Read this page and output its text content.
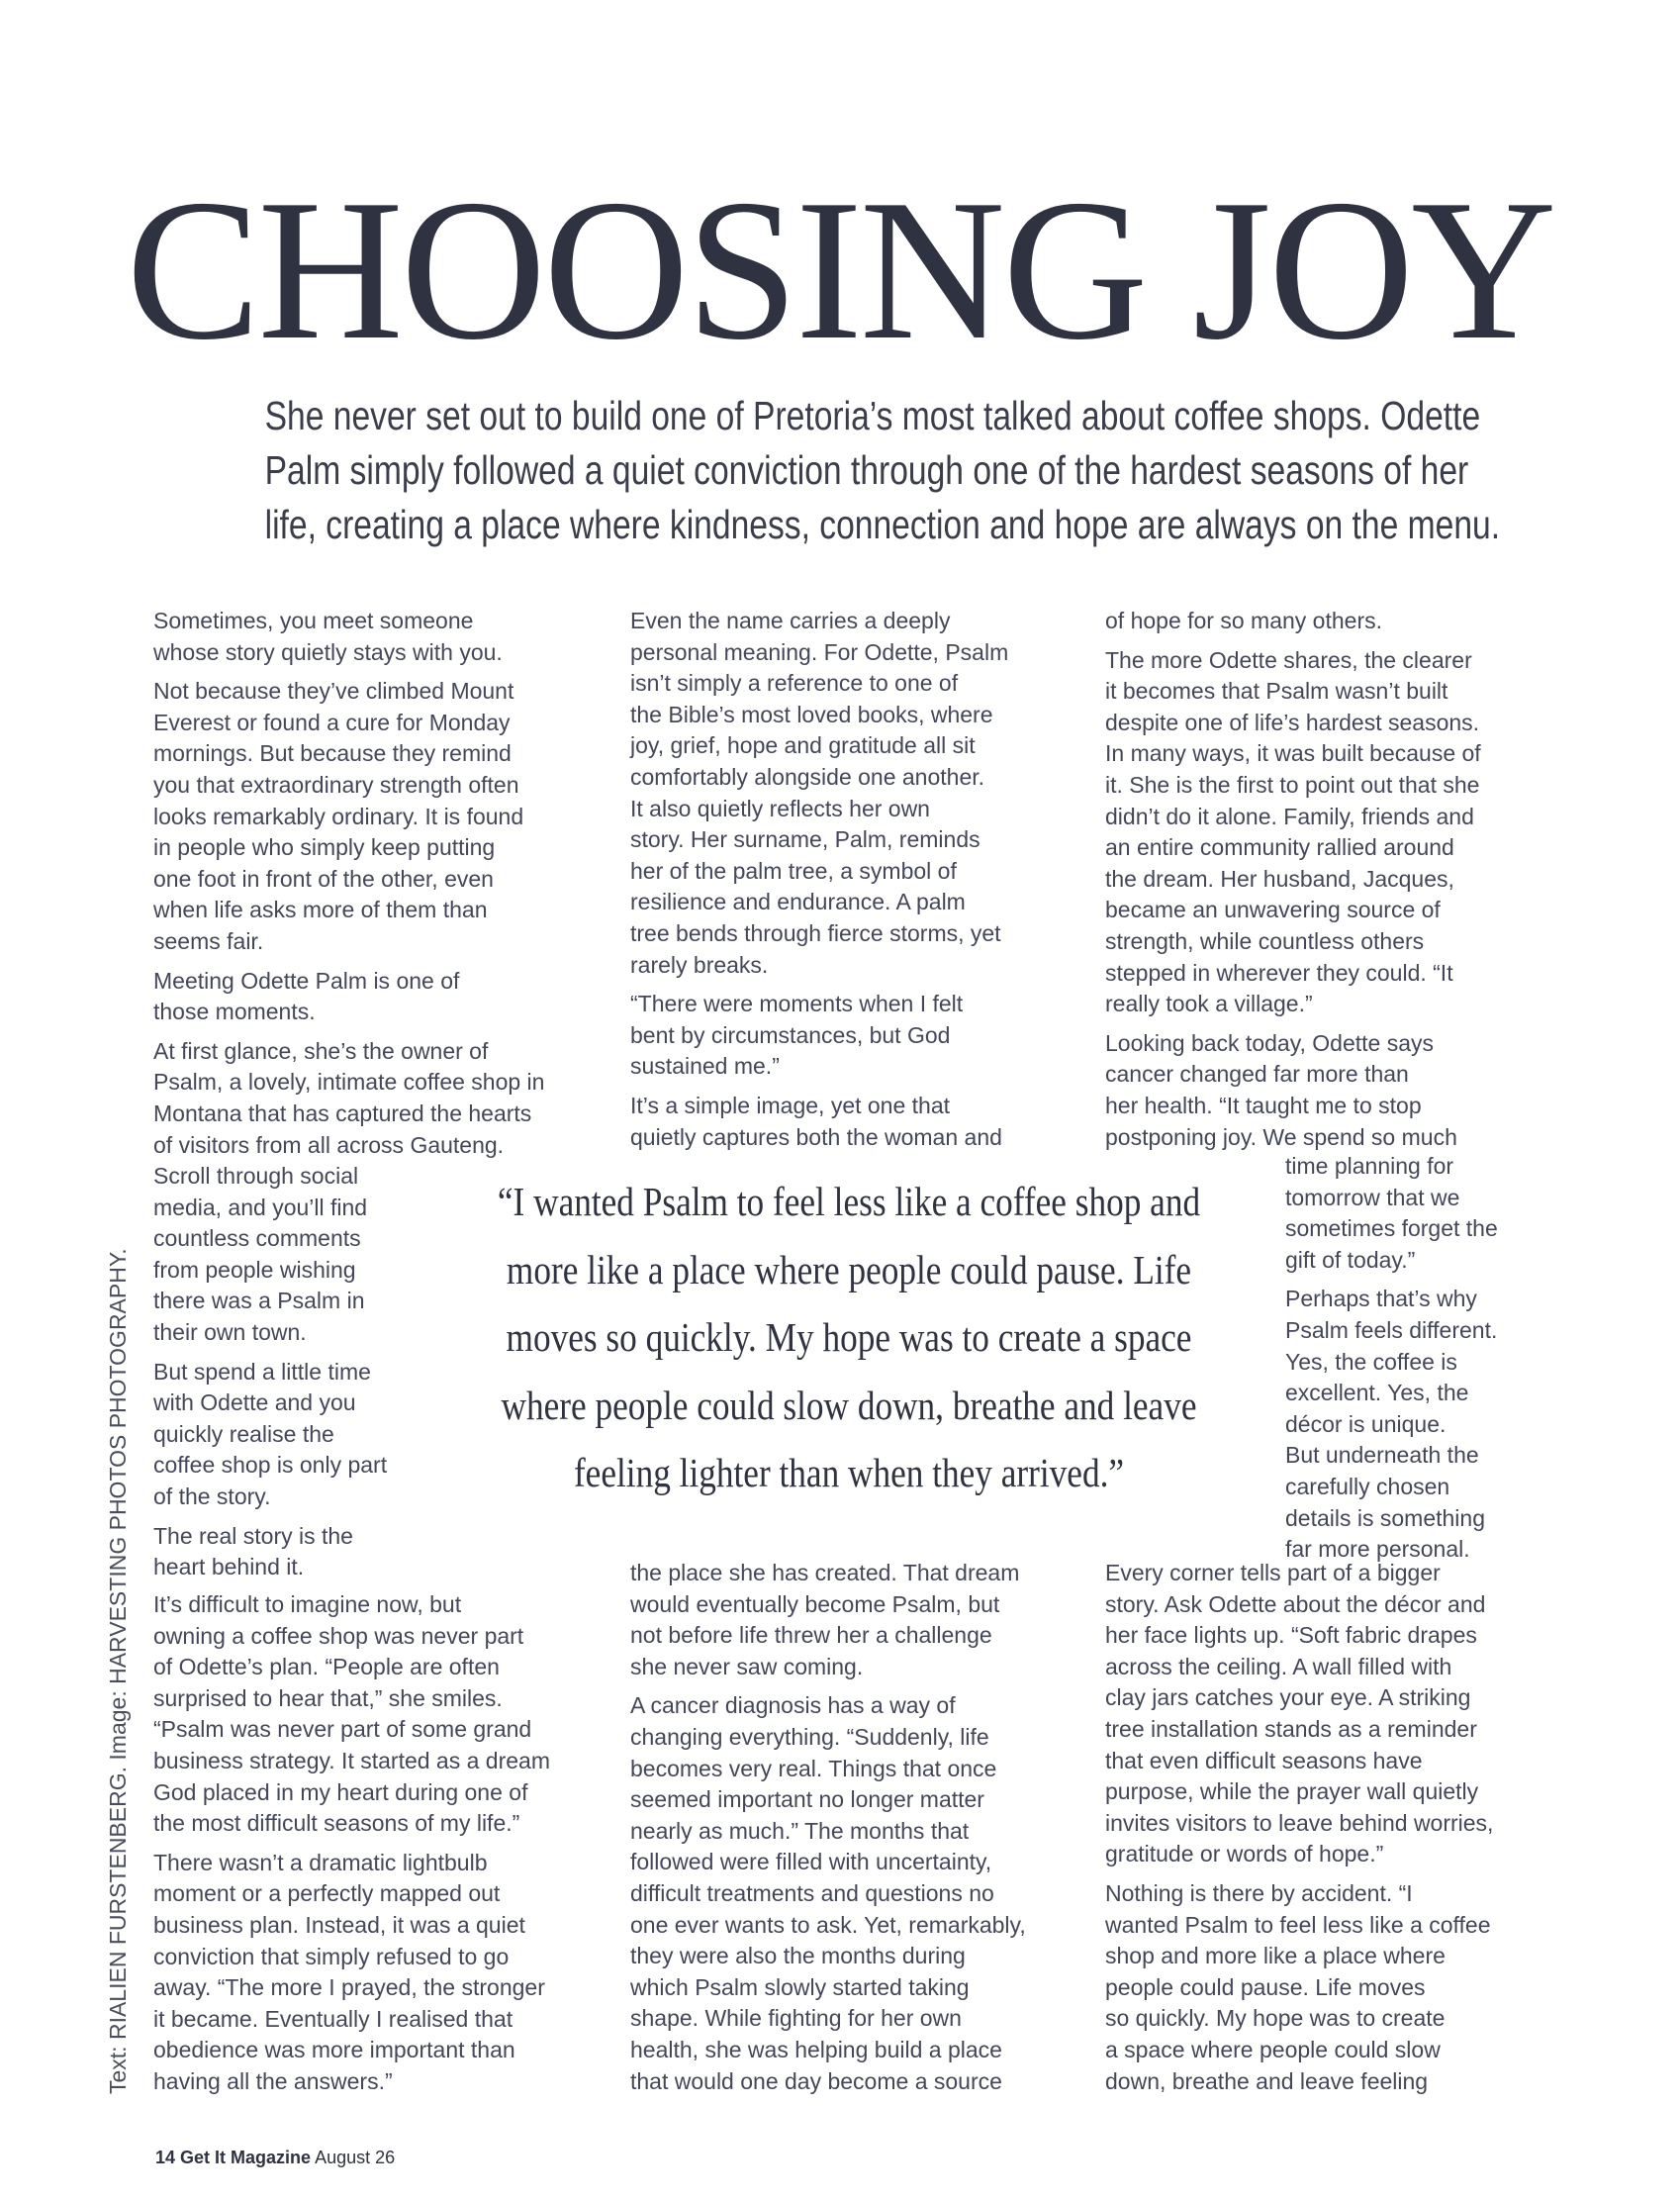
CHOOSING JOY
She never set out to build one of Pretoria’s most talked about coffee shops. Odette
Palm simply followed a quiet conviction through one of the hardest seasons of her
life, creating a place where kindness, connection and hope are always on the menu.

Sometimes, you meet someone
whose story quietly stays with you.

Not because they’ve climbed Mount
Everest or found a cure for Monday
mornings. But because they remind
you that extraordinary strength often
looks remarkably ordinary. It is found
in people who simply keep putting
one foot in front of the other, even
when life asks more of them than
seems fair.

Meeting Odette Palm is one of
those moments.

At first glance, she’s the owner of
Psalm, a lovely, intimate coffee shop in
Montana that has captured the hearts
of visitors from all across Gauteng.

Scroll through social
media, and you’ll find
countless comments
from people wishing
there was a Psalm in
their own town.

But spend a little time
with Odette and you
quickly realise the
coffee shop is only part
of the story.

The real story is the
heart behind it.

It’s difficult to imagine now, but
owning a coffee shop was never part
of Odette’s plan. “People are often
surprised to hear that,” she smiles.
“Psalm was never part of some grand
business strategy. It started as a dream
God placed in my heart during one of
the most difficult seasons of my life.”

There wasn’t a dramatic lightbulb
moment or a perfectly mapped out
business plan. Instead, it was a quiet
conviction that simply refused to go
away. “The more I prayed, the stronger
it became. Eventually I realised that
obedience was more important than
having all the answers.”

Even the name carries a deeply
personal meaning. For Odette, Psalm
isn’t simply a reference to one of
the Bible’s most loved books, where
joy, grief, hope and gratitude all sit
comfortably alongside one another.
It also quietly reflects her own
story. Her surname, Palm, reminds
her of the palm tree, a symbol of
resilience and endurance. A palm
tree bends through fierce storms, yet
rarely breaks.

“There were moments when I felt
bent by circumstances, but God
sustained me.”

It’s a simple image, yet one that
quietly captures both the woman and

the place she has created. That dream
would eventually become Psalm, but
not before life threw her a challenge
she never saw coming.

A cancer diagnosis has a way of
changing everything. “Suddenly, life
becomes very real. Things that once
seemed important no longer matter
nearly as much.” The months that
followed were filled with uncertainty,
difficult treatments and questions no
one ever wants to ask. Yet, remarkably,
they were also the months during
which Psalm slowly started taking
shape. While fighting for her own
health, she was helping build a place
that would one day become a source

of hope for so many others.

The more Odette shares, the clearer
it becomes that Psalm wasn’t built
despite one of life’s hardest seasons.
In many ways, it was built because of
it. She is the first to point out that she
didn’t do it alone. Family, friends and
an entire community rallied around
the dream. Her husband, Jacques,
became an unwavering source of
strength, while countless others
stepped in wherever they could. “It
really took a village.”

Looking back today, Odette says
cancer changed far more than
her health. “It taught me to stop
postponing joy. We spend so much

time planning for
tomorrow that we
sometimes forget the
gift of today.”

Perhaps that’s why
Psalm feels different.
Yes, the coffee is
excellent. Yes, the
décor is unique.
But underneath the
carefully chosen
details is something
far more personal.

Every corner tells part of a bigger
story. Ask Odette about the décor and
her face lights up. “Soft fabric drapes
across the ceiling. A wall filled with
clay jars catches your eye. A striking
tree installation stands as a reminder
that even difficult seasons have
purpose, while the prayer wall quietly
invites visitors to leave behind worries,
gratitude or words of hope.”

Nothing is there by accident. “I
wanted Psalm to feel less like a coffee
shop and more like a place where
people could pause. Life moves
so quickly. My hope was to create
a space where people could slow
down, breathe and leave feeling

“I wanted Psalm to feel less like a coffee shop and
more like a place where people could pause. Life
moves so quickly. My hope was to create a space
where people could slow down, breathe and leave
feeling lighter than when they arrived.”
Text: RIALIEN FURSTENBERG. Image: HARVESTING PHOTOS PHOTOGRAPHY.
14 Get It Magazine August 26
